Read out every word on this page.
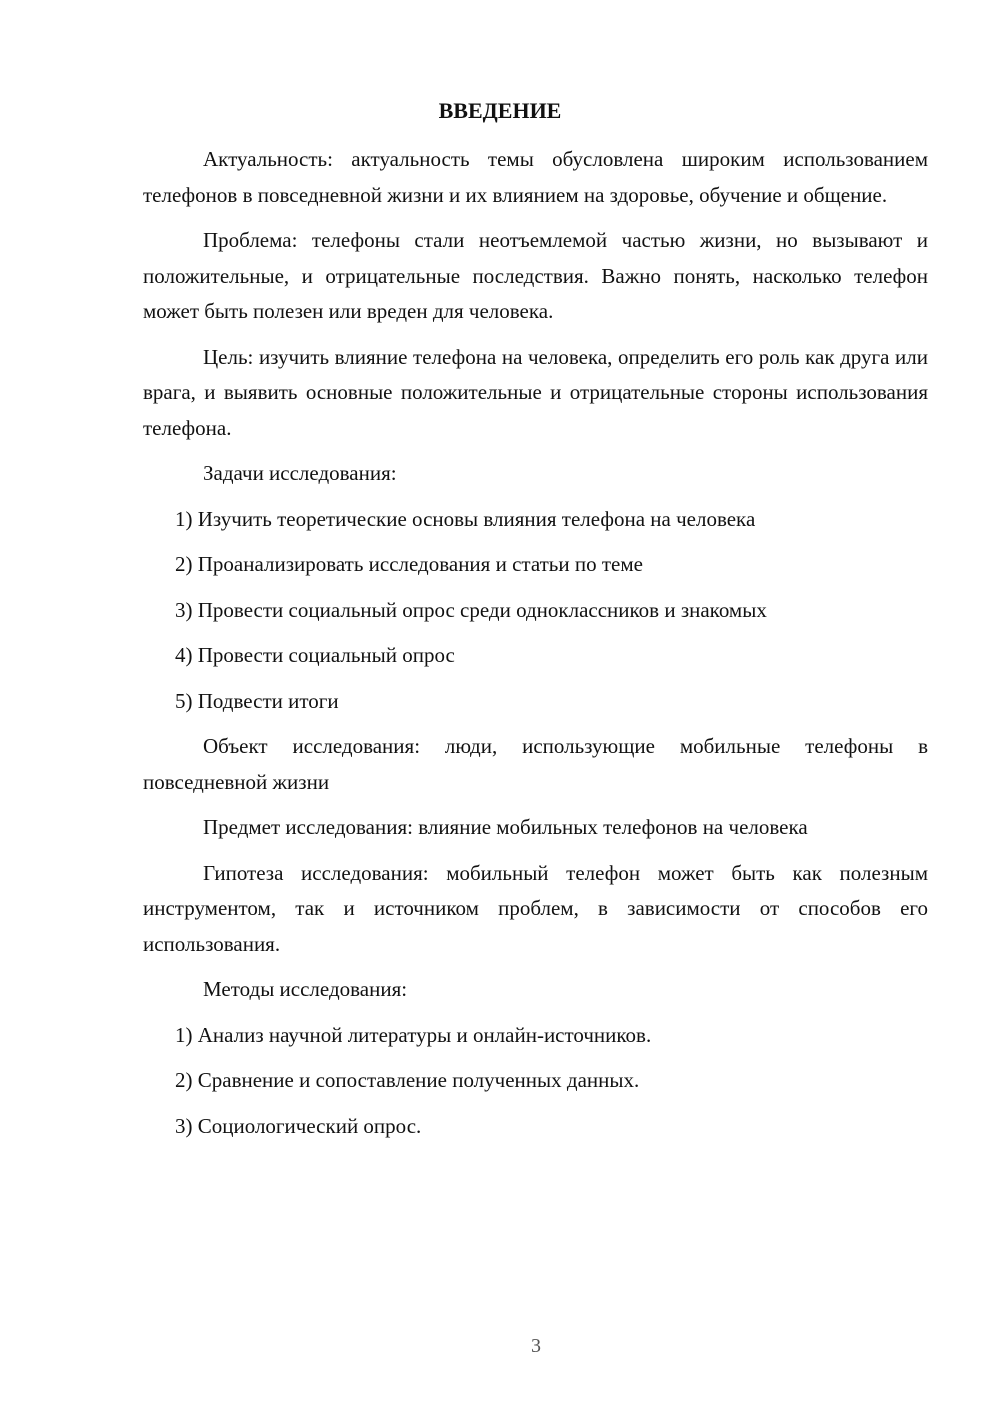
ВВЕДЕНИЕ

Актуальность: актуальность темы обусловлена широким использованием телефонов в повседневной жизни и их влиянием на здоровье, обучение и общение.

Проблема: телефоны стали неотъемлемой частью жизни, но вызывают и положительные, и отрицательные последствия. Важно понять, насколько телефон может быть полезен или вреден для человека.

Цель: изучить влияние телефона на человека, определить его роль как друга или врага, и выявить основные положительные и отрицательные стороны использования телефона.

Задачи исследования:

1) Изучить теоретические основы влияния телефона на человека
2) Проанализировать исследования и статьи по теме
3) Провести социальный опрос среди одноклассников и знакомых
4) Провести социальный опрос
5) Подвести итоги

Объект исследования: люди, использующие мобильные телефоны в повседневной жизни

Предмет исследования: влияние мобильных телефонов на человека

Гипотеза исследования: мобильный телефон может быть как полезным инструментом, так и источником проблем, в зависимости от способов его использования.

Методы исследования:

1) Анализ научной литературы и онлайн-источников.
2) Сравнение и сопоставление полученных данных.
3) Социологический опрос.
3
